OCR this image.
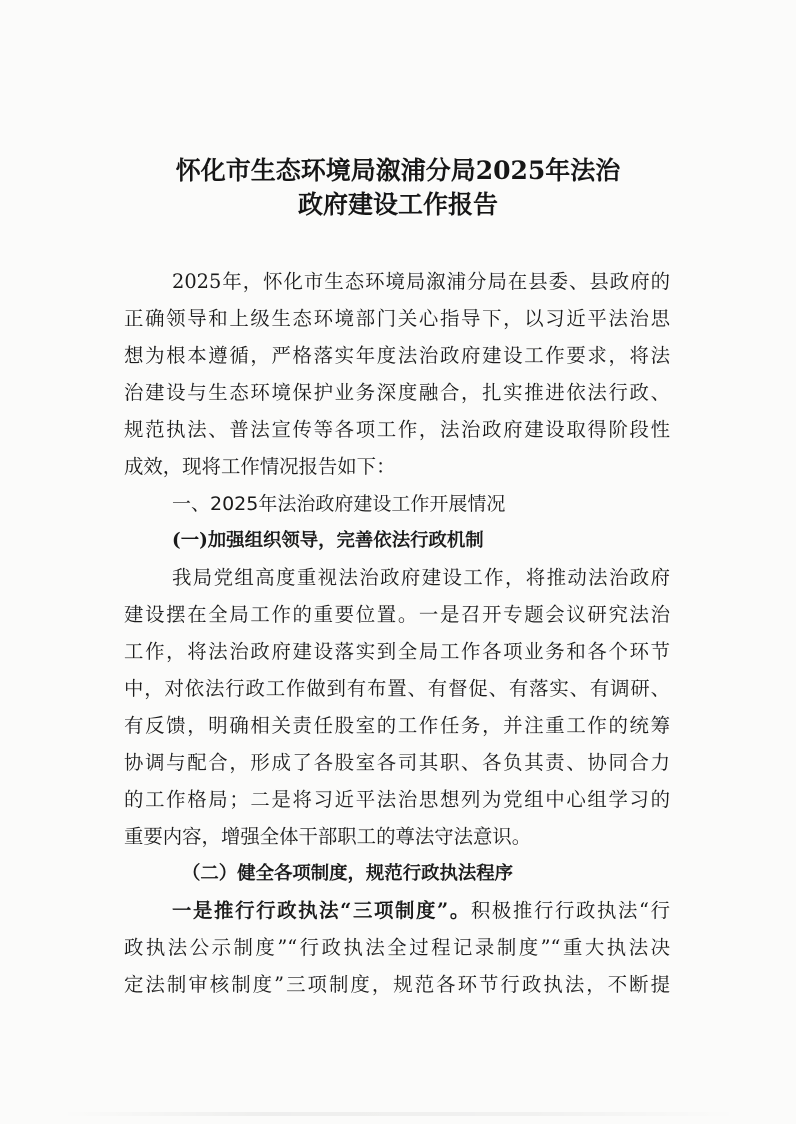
怀化市生态环境局溆浦分局2025年法治
政府建设工作报告
2025年，怀化市生态环境局溆浦分局在县委、县政府的
正确领导和上级生态环境部门关心指导下，以习近平法治思
想为根本遵循，严格落实年度法治政府建设工作要求，将法
治建设与生态环境保护业务深度融合，扎实推进依法行政、
规范执法、普法宣传等各项工作，法治政府建设取得阶段性
成效，现将工作情况报告如下：
一、2025年法治政府建设工作开展情况
(一)加强组织领导，完善依法行政机制
我局党组高度重视法治政府建设工作，将推动法治政府
建设摆在全局工作的重要位置。一是召开专题会议研究法治
工作，将法治政府建设落实到全局工作各项业务和各个环节
中，对依法行政工作做到有布置、有督促、有落实、有调研、
有反馈，明确相关责任股室的工作任务，并注重工作的统筹
协调与配合，形成了各股室各司其职、各负其责、协同合力
的工作格局；二是将习近平法治思想列为党组中心组学习的
重要内容，增强全体干部职工的尊法守法意识。
（二）健全各项制度，规范行政执法程序
一是推行行政执法“三项制度”。积极推行行政执法“行
政执法公示制度”“行政执法全过程记录制度”“重大执法决
定法制审核制度”三项制度，规范各环节行政执法，不断提
